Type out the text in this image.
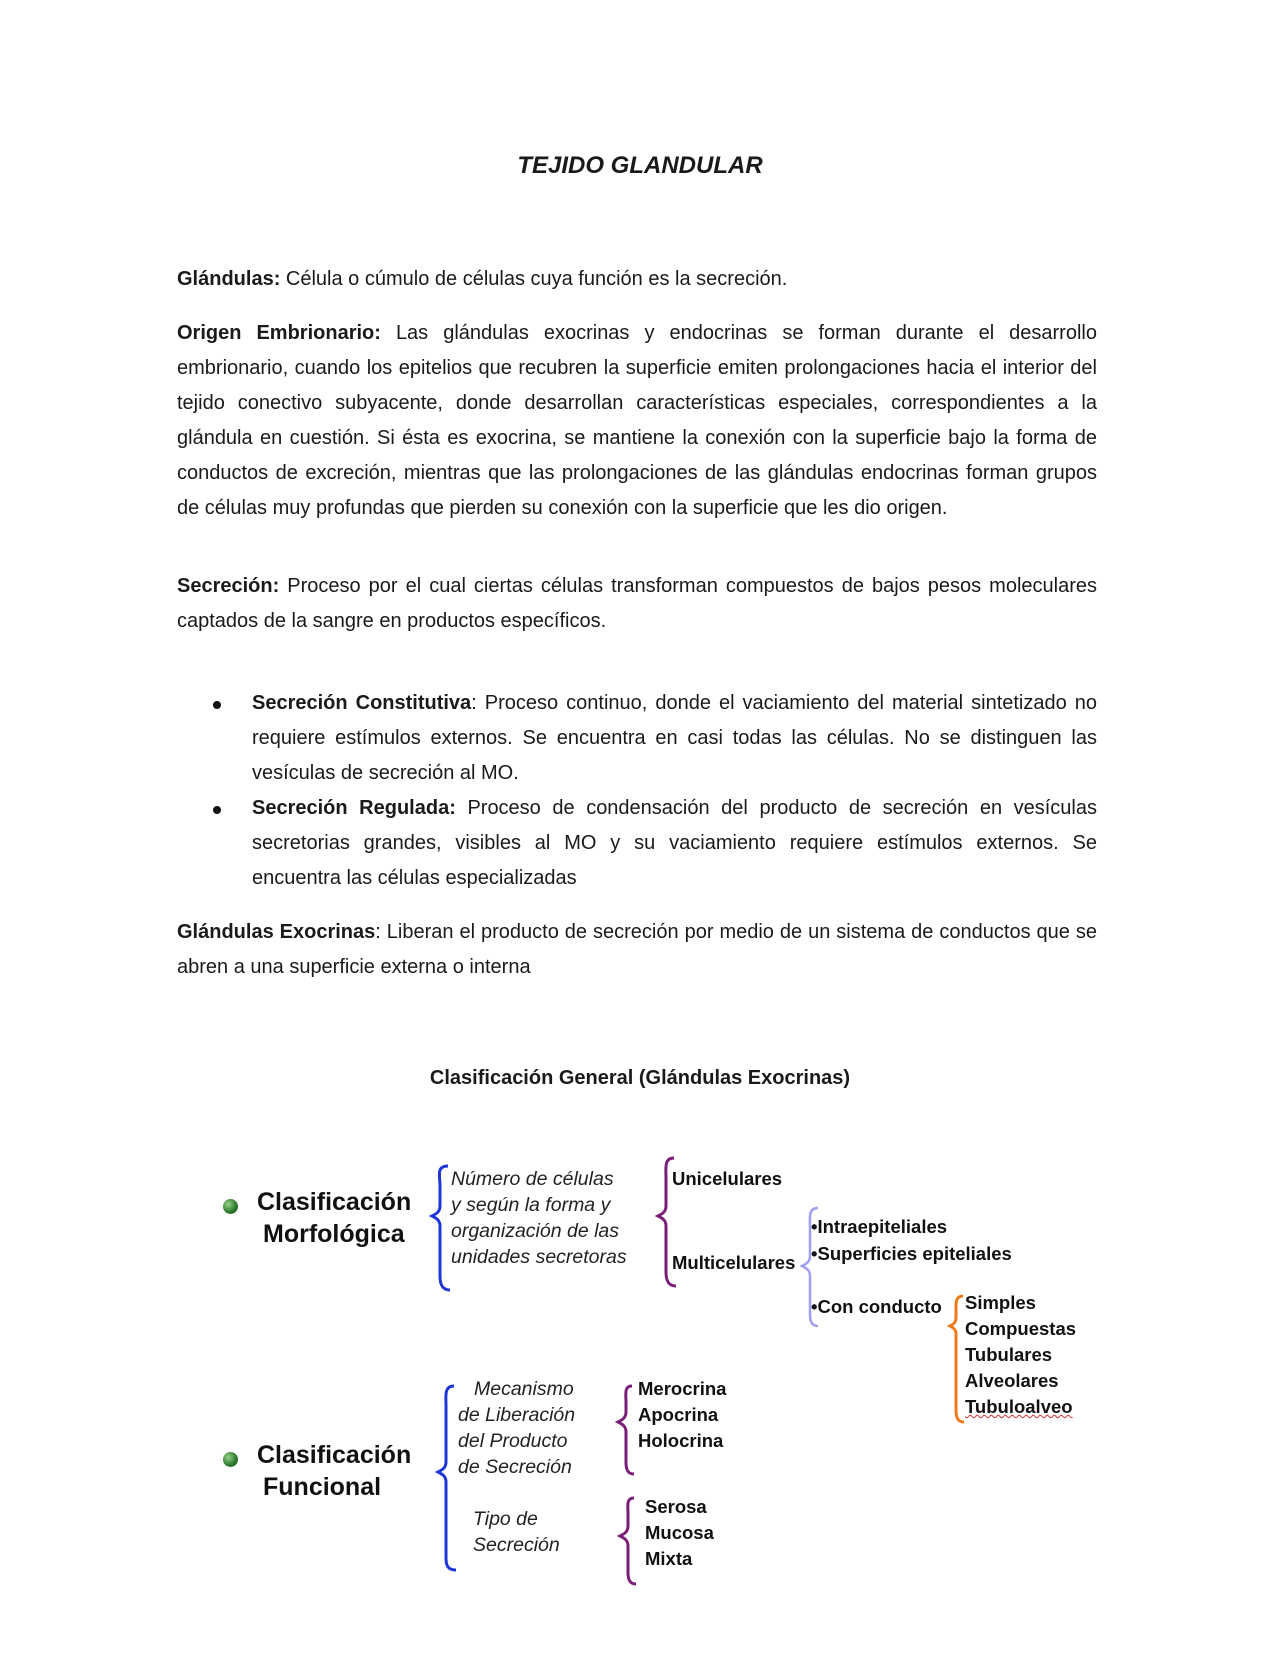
TEJIDO GLANDULAR
Glándulas: Célula o cúmulo de células cuya función es la secreción.
Origen Embrionario: Las glándulas exocrinas y endocrinas se forman durante el desarrollo embrionario, cuando los epitelios que recubren la superficie emiten prolongaciones hacia el interior del tejido conectivo subyacente, donde desarrollan características especiales, correspondientes a la glándula en cuestión. Si ésta es exocrina, se mantiene la conexión con la superficie bajo la forma de conductos de excreción, mientras que las prolongaciones de las glándulas endocrinas forman grupos de células muy profundas que pierden su conexión con la superficie que les dio origen.
Secreción: Proceso por el cual ciertas células transforman compuestos de bajos pesos moleculares captados de la sangre en productos específicos.
Secreción Constitutiva: Proceso continuo, donde el vaciamiento del material sintetizado no requiere estímulos externos. Se encuentra en casi todas las células. No se distinguen las vesículas de secreción al MO.
Secreción Regulada: Proceso de condensación del producto de secreción en vesículas secretorias grandes, visibles al MO y su vaciamiento requiere estímulos externos. Se encuentra las células especializadas
Glándulas Exocrinas: Liberan el producto de secreción por medio de un sistema de conductos que se abren a una superficie externa o interna
Clasificación General (Glándulas Exocrinas)
Clasificación
Morfológica
Número de células
y según la forma y
organización de las
unidades secretoras
Unicelulares
Multicelulares
•Intraepiteliales
•Superficies epiteliales
•Con conducto Simples
Compuestas
Tubulares
Alveolares
Tubuloalveo
Clasificación
Funcional
Mecanismo
de Liberación
del Producto
de Secreción
Merocrina
Apocrina
Holocrina
Tipo de
Secreción
Serosa
Mucosa
Mixta
